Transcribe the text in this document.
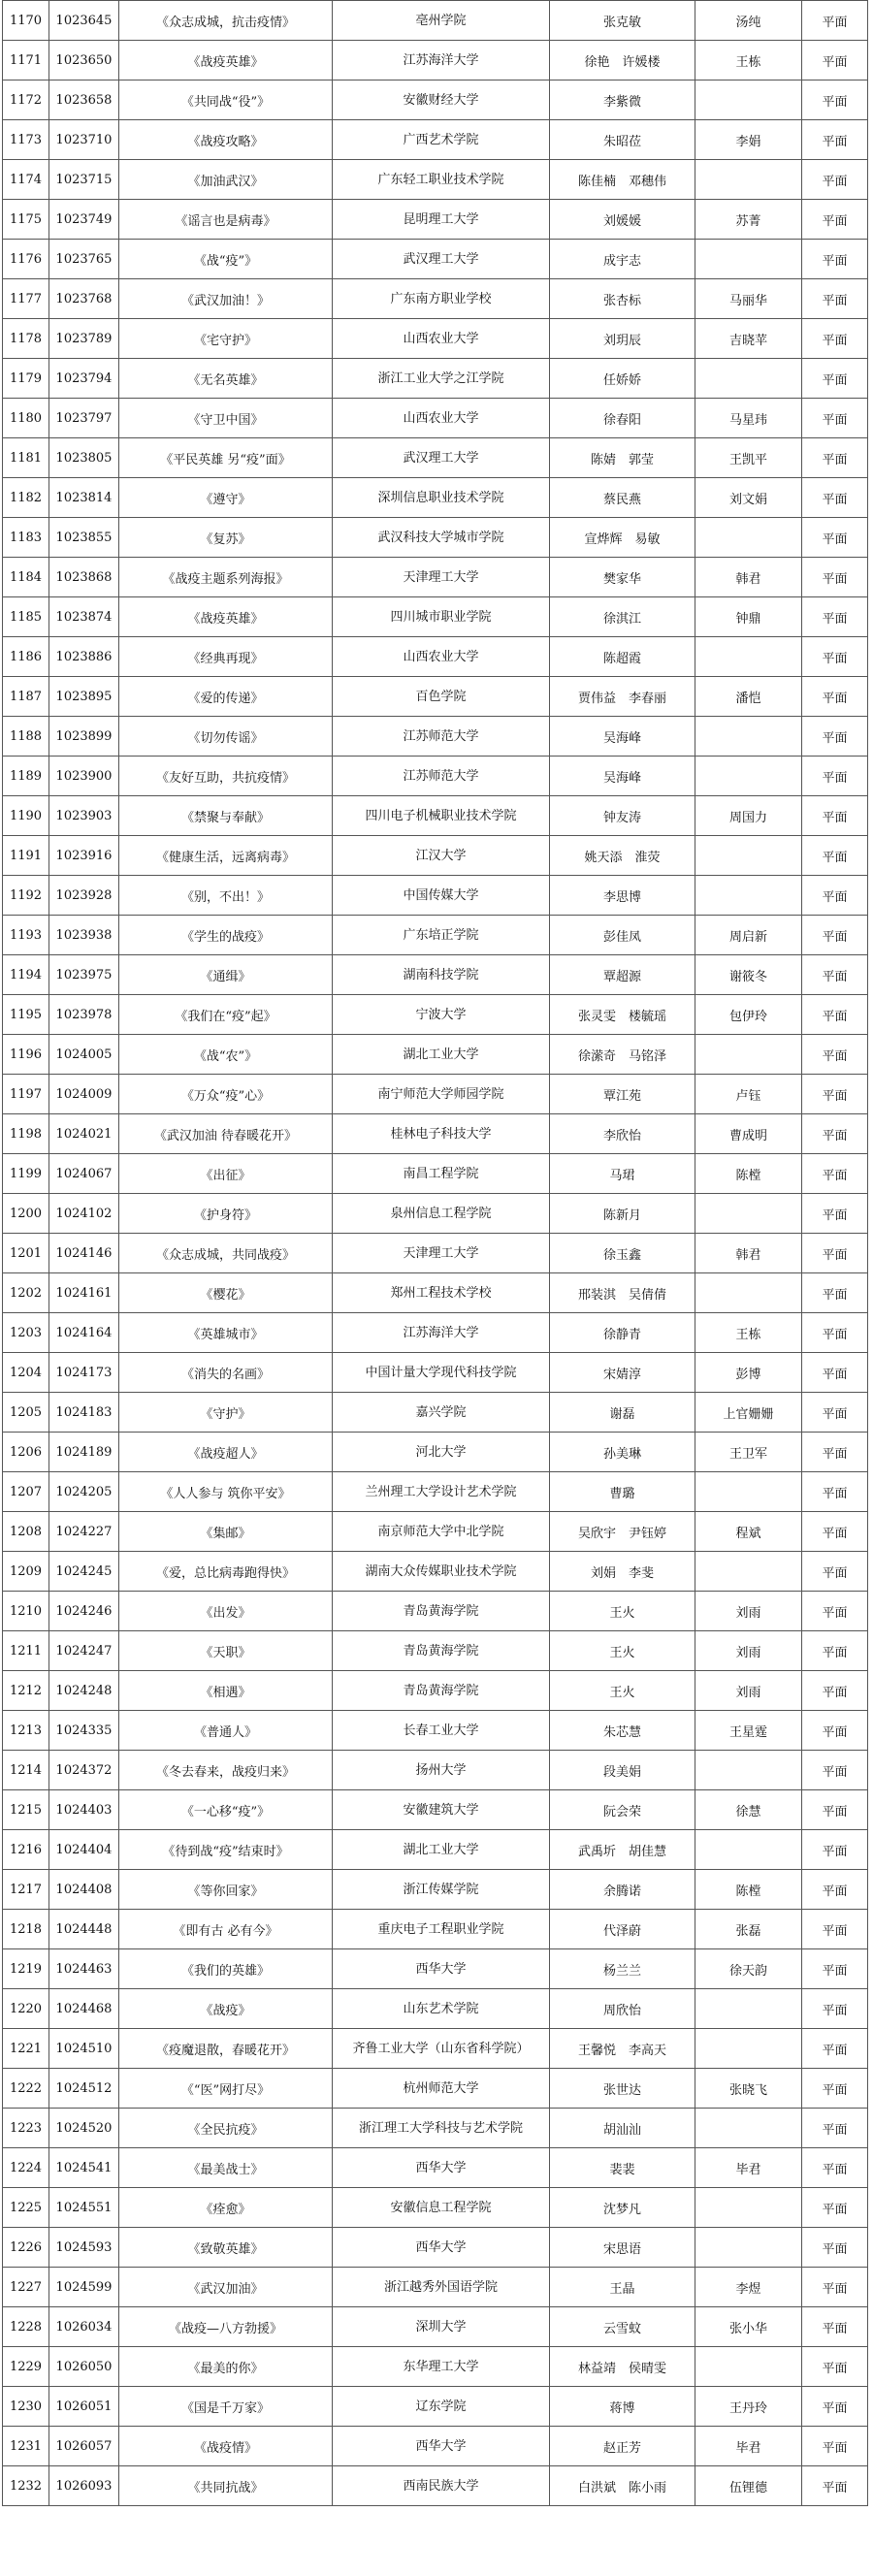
1170	1023645	《众志成城，抗击疫情》	亳州学院	张克敏	汤纯	平面
1171	1023650	《战疫英雄》	江苏海洋大学	徐艳　许媛楼	王栋	平面
1172	1023658	《共同战“役”》	安徽财经大学	李紫微		平面
1173	1023710	《战疫攻略》	广西艺术学院	朱昭莅	李娟	平面
1174	1023715	《加油武汉》	广东轻工职业技术学院	陈佳楠　邓穗伟		平面
1175	1023749	《谣言也是病毒》	昆明理工大学	刘媛媛	苏菁	平面
1176	1023765	《战“疫”》	武汉理工大学	成宇志		平面
1177	1023768	《武汉加油！》	广东南方职业学校	张杏标	马丽华	平面
1178	1023789	《宅守护》	山西农业大学	刘玥辰	吉晓苹	平面
1179	1023794	《无名英雄》	浙江工业大学之江学院	任娇娇		平面
1180	1023797	《守卫中国》	山西农业大学	徐春阳	马星玮	平面
1181	1023805	《平民英雄 另“疫”面》	武汉理工大学	陈婧　郭莹	王凯平	平面
1182	1023814	《遵守》	深圳信息职业技术学院	蔡民燕	刘文娟	平面
1183	1023855	《复苏》	武汉科技大学城市学院	宣烨辉　易敏		平面
1184	1023868	《战疫主题系列海报》	天津理工大学	樊家华	韩君	平面
1185	1023874	《战疫英雄》	四川城市职业学院	徐淇江	钟鼎	平面
1186	1023886	《经典再现》	山西农业大学	陈超霞		平面
1187	1023895	《爱的传递》	百色学院	贾伟益　李春丽	潘恺	平面
1188	1023899	《切勿传谣》	江苏师范大学	吴海峰		平面
1189	1023900	《友好互助，共抗疫情》	江苏师范大学	吴海峰		平面
1190	1023903	《禁聚与奉献》	四川电子机械职业技术学院	钟友涛	周国力	平面
1191	1023916	《健康生活，远离病毒》	江汉大学	姚天添　淮荧		平面
1192	1023928	《别，不出！》	中国传媒大学	李思博		平面
1193	1023938	《学生的战疫》	广东培正学院	彭佳凤	周启新	平面
1194	1023975	《通缉》	湖南科技学院	覃超源	谢筱冬	平面
1195	1023978	《我们在“疫”起》	宁波大学	张灵雯　楼毓瑶	包伊玲	平面
1196	1024005	《战“农”》	湖北工业大学	徐潆奇　马铭泽		平面
1197	1024009	《万众“疫”心》	南宁师范大学师园学院	覃江苑	卢钰	平面
1198	1024021	《武汉加油 待春暖花开》	桂林电子科技大学	李欣怡	曹成明	平面
1199	1024067	《出征》	南昌工程学院	马珺	陈樘	平面
1200	1024102	《护身符》	泉州信息工程学院	陈新月		平面
1201	1024146	《众志成城，共同战疫》	天津理工大学	徐玉鑫	韩君	平面
1202	1024161	《樱花》	郑州工程技术学校	邢装淇　吴倩倩		平面
1203	1024164	《英雄城市》	江苏海洋大学	徐静青	王栋	平面
1204	1024173	《消失的名画》	中国计量大学现代科技学院	宋婧淳	彭博	平面
1205	1024183	《守护》	嘉兴学院	谢磊	上官姗姗	平面
1206	1024189	《战疫超人》	河北大学	孙美琳	王卫军	平面
1207	1024205	《人人参与 筑你平安》	兰州理工大学设计艺术学院	曹璐		平面
1208	1024227	《集邮》	南京师范大学中北学院	吴欣宇　尹钰婷	程斌	平面
1209	1024245	《爱，总比病毒跑得快》	湖南大众传媒职业技术学院	刘娟　李斐		平面
1210	1024246	《出发》	青岛黄海学院	王火	刘雨	平面
1211	1024247	《天职》	青岛黄海学院	王火	刘雨	平面
1212	1024248	《相遇》	青岛黄海学院	王火	刘雨	平面
1213	1024335	《普通人》	长春工业大学	朱芯慧	王星霆	平面
1214	1024372	《冬去春来，战疫归来》	扬州大学	段美娟		平面
1215	1024403	《一心移“疫”》	安徽建筑大学	阮会荣	徐慧	平面
1216	1024404	《待到战“疫”结束时》	湖北工业大学	武禹圻　胡佳慧		平面
1217	1024408	《等你回家》	浙江传媒学院	余腾诺	陈樘	平面
1218	1024448	《即有古 必有今》	重庆电子工程职业学院	代泽蔚	张磊	平面
1219	1024463	《我们的英雄》	西华大学	杨兰兰	徐天韵	平面
1220	1024468	《战疫》	山东艺术学院	周欣怡		平面
1221	1024510	《疫魔退散，春暖花开》	齐鲁工业大学（山东省科学院）	王馨悦　李高天		平面
1222	1024512	《“医”网打尽》	杭州师范大学	张世达	张晓飞	平面
1223	1024520	《全民抗疫》	浙江理工大学科技与艺术学院	胡汕汕		平面
1224	1024541	《最美战士》	西华大学	裴裴	毕君	平面
1225	1024551	《痊愈》	安徽信息工程学院	沈梦凡		平面
1226	1024593	《致敬英雄》	西华大学	宋思语		平面
1227	1024599	《武汉加油》	浙江越秀外国语学院	王晶	李煜	平面
1228	1026034	《战疫—八方勃援》	深圳大学	云雪蚊	张小华	平面
1229	1026050	《最美的你》	东华理工大学	林益靖　侯晴雯		平面
1230	1026051	《国是千万家》	辽东学院	蒋博	王丹玲	平面
1231	1026057	《战疫情》	西华大学	赵正芳	毕君	平面
1232	1026093	《共同抗战》	西南民族大学	白洪斌　陈小雨	伍锂德	平面
